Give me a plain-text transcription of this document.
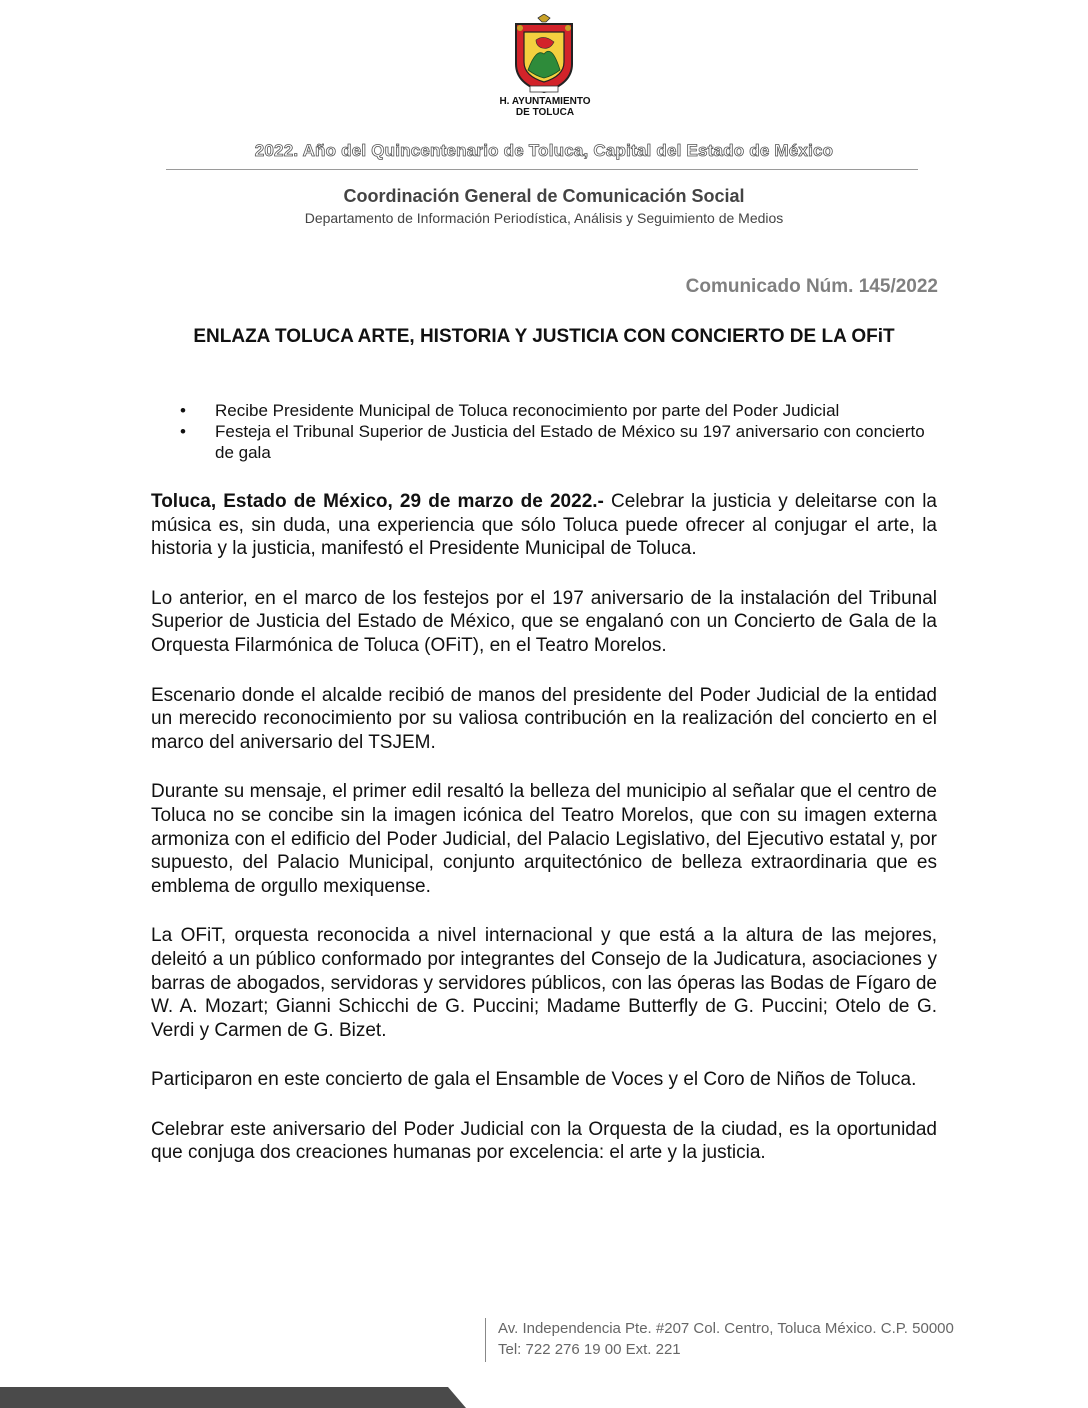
H. AYUNTAMIENTO
DE TOLUCA
2022. Año del Quincentenario de Toluca, Capital del Estado de México
Coordinación General de Comunicación Social
Departamento de Información Periodística, Análisis y Seguimiento de Medios
Comunicado Núm. 145/2022
ENLAZA TOLUCA ARTE, HISTORIA Y JUSTICIA CON CONCIERTO DE LA OFiT
• Recibe Presidente Municipal de Toluca reconocimiento por parte del Poder Judicial
• Festeja el Tribunal Superior de Justicia del Estado de México su 197 aniversario con concierto de gala

Toluca, Estado de México, 29 de marzo de 2022.- Celebrar la justicia y deleitarse con la música es, sin duda, una experiencia que sólo Toluca puede ofrecer al conjugar el arte, la historia y la justicia, manifestó el Presidente Municipal de Toluca.

Lo anterior, en el marco de los festejos por el 197 aniversario de la instalación del Tribunal Superior de Justicia del Estado de México, que se engalanó con un Concierto de Gala de la Orquesta Filarmónica de Toluca (OFiT), en el Teatro Morelos.

Escenario donde el alcalde recibió de manos del presidente del Poder Judicial de la entidad un merecido reconocimiento por su valiosa contribución en la realización del concierto en el marco del aniversario del TSJEM.

Durante su mensaje, el primer edil resaltó la belleza del municipio al señalar que el centro de Toluca no se concibe sin la imagen icónica del Teatro Morelos, que con su imagen externa armoniza con el edificio del Poder Judicial, del Palacio Legislativo, del Ejecutivo estatal y, por supuesto, del Palacio Municipal, conjunto arquitectónico de belleza extraordinaria que es emblema de orgullo mexiquense.

La OFiT, orquesta reconocida a nivel internacional y que está a la altura de las mejores, deleitó a un público conformado por integrantes del Consejo de la Judicatura, asociaciones y barras de abogados, servidoras y servidores públicos, con las óperas las Bodas de Fígaro de W. A. Mozart; Gianni Schicchi de G. Puccini; Madame Butterfly de G. Puccini; Otelo de G. Verdi y Carmen de G. Bizet.

Participaron en este concierto de gala el Ensamble de Voces y el Coro de Niños de Toluca.

Celebrar este aniversario del Poder Judicial con la Orquesta de la ciudad, es la oportunidad que conjuga dos creaciones humanas por excelencia: el arte y la justicia.

Av. Independencia Pte. #207 Col. Centro, Toluca México. C.P. 50000
Tel: 722 276 19 00 Ext. 221
